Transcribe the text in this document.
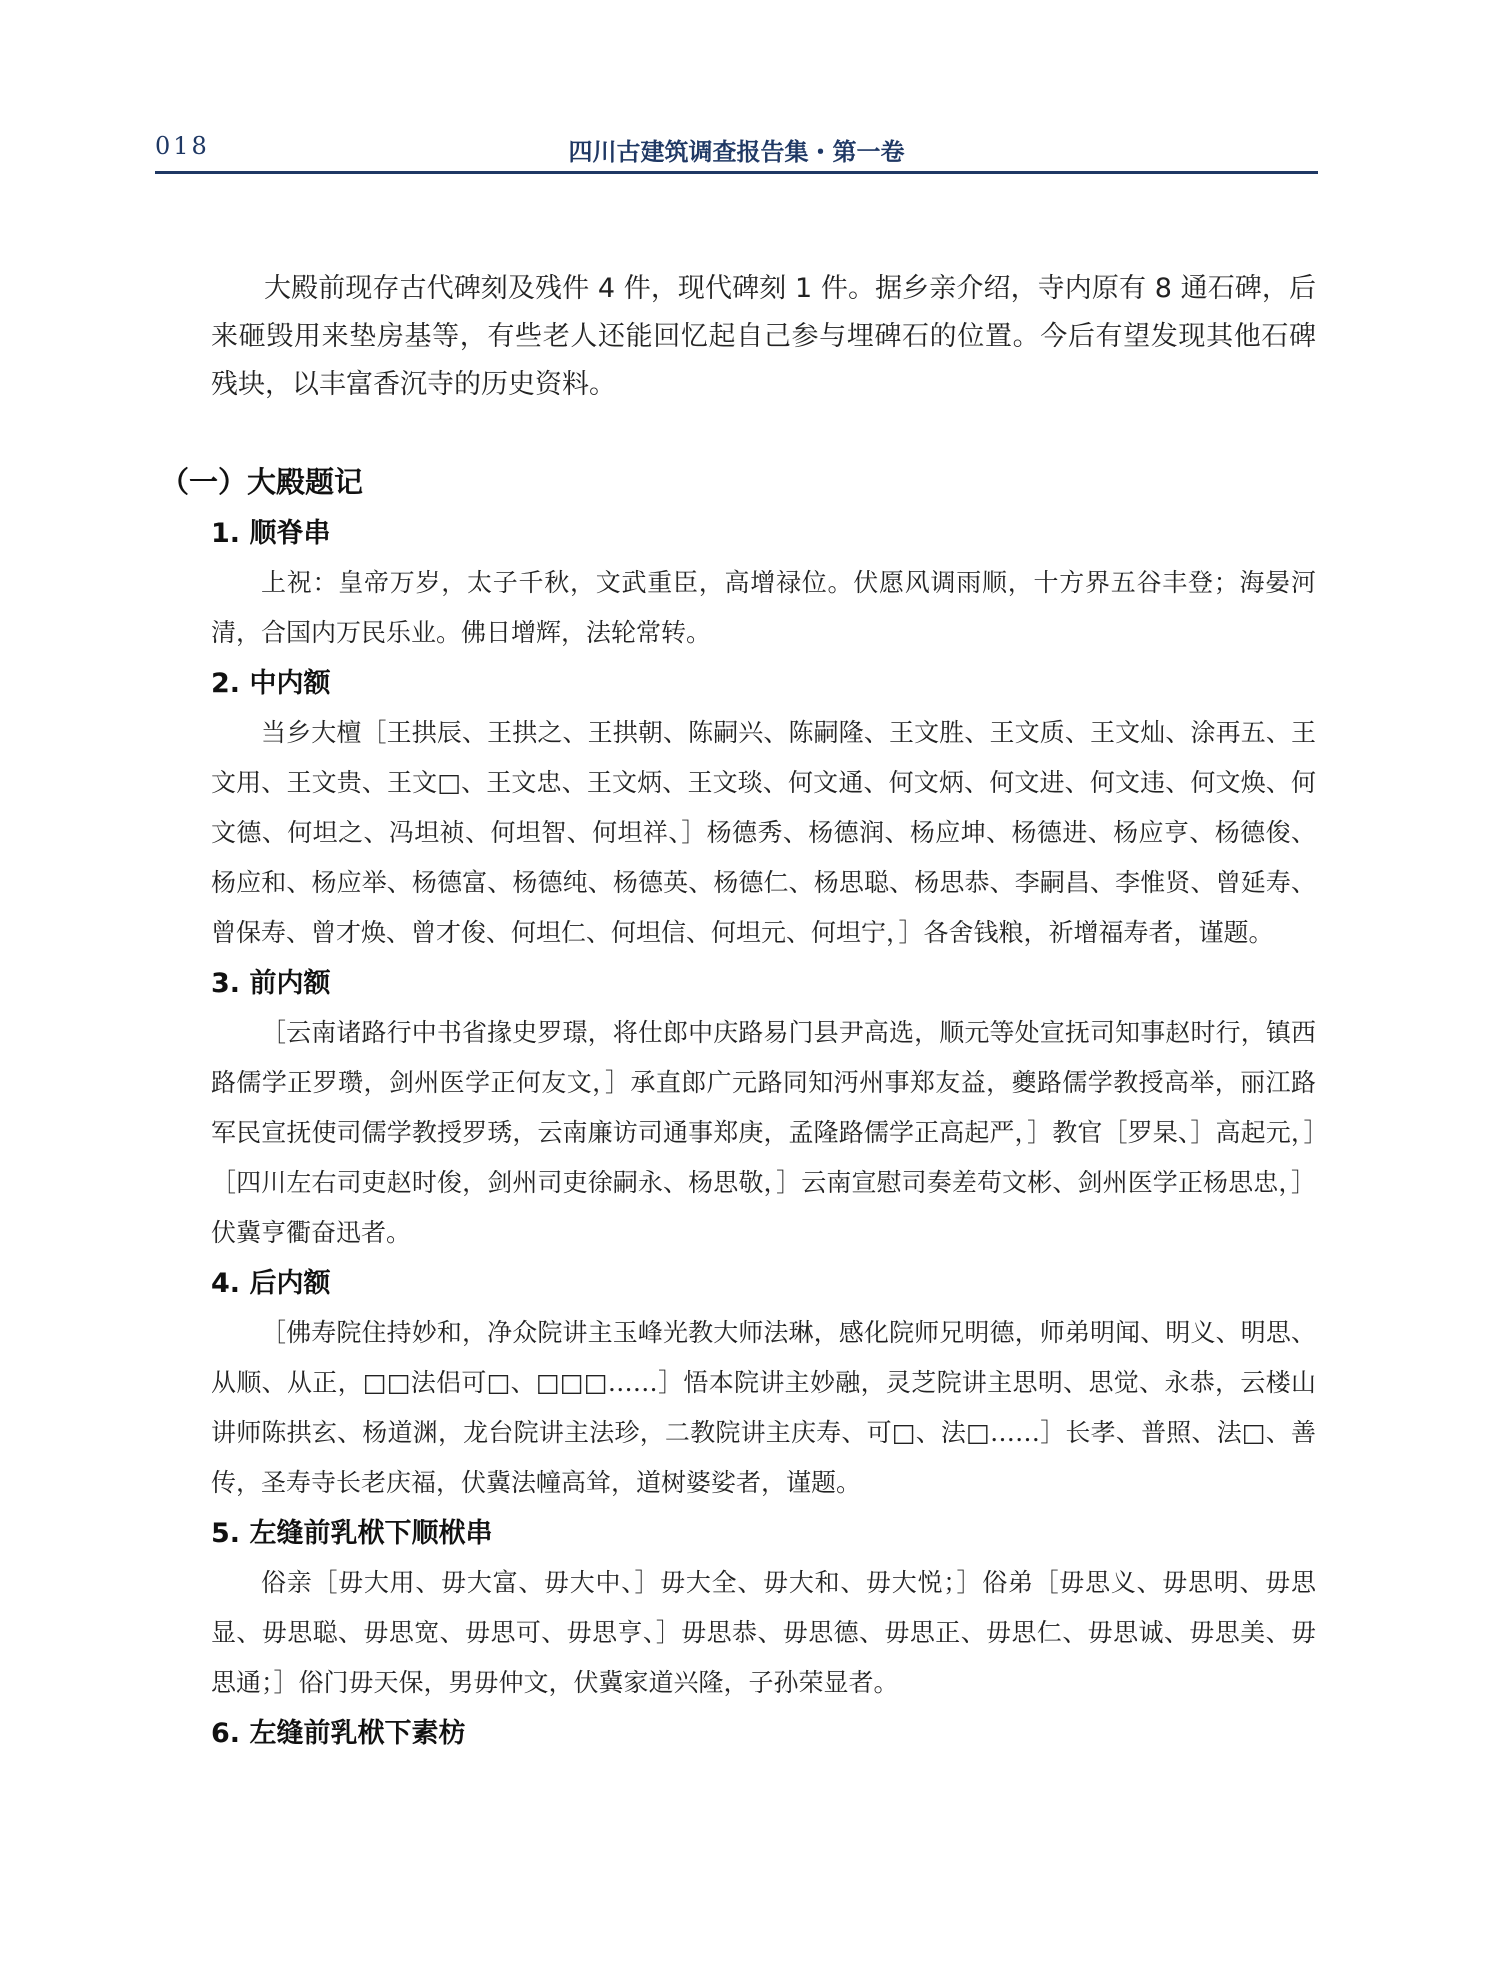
018	四川古建筑调查报告集・第一卷

大殿前现存古代碑刻及残件 4 件，现代碑刻 1 件。据乡亲介绍，寺内原有 8 通石碑，后来砸毁用来垫房基等，有些老人还能回忆起自己参与埋碑石的位置。今后有望发现其他石碑残块，以丰富香沉寺的历史资料。

（一）大殿题记
1. 顺脊串

上祝：皇帝万岁，太子千秋，文武重臣，高增禄位。伏愿风调雨顺，十方界五谷丰登；海晏河清，合国内万民乐业。佛日增辉，法轮常转。

2. 中内额

当乡大檀［王拱辰、王拱之、王拱朝、陈嗣兴、陈嗣隆、王文胜、王文质、王文灿、涂再五、王文用、王文贵、王文□、王文忠、王文炳、王文琰、何文通、何文炳、何文进、何文违、何文焕、何文德、何坦之、冯坦祯、何坦智、何坦祥、］杨德秀、杨德润、杨应坤、杨德进、杨应亨、杨德俊、杨应和、杨应举、杨德富、杨德纯、杨德英、杨德仁、杨思聪、杨思恭、李嗣昌、李惟贤、曾延寿、曾保寿、曾才焕、曾才俊、何坦仁、何坦信、何坦元、何坦宁，］各舍钱粮，祈增福寿者，谨题。

3. 前内额

［云南诸路行中书省掾史罗璟，将仕郎中庆路易门县尹高选，顺元等处宣抚司知事赵时行，镇西路儒学正罗瓒，剑州医学正何友文，］承直郎广元路同知沔州事郑友益，夔路儒学教授高举，丽江路军民宣抚使司儒学教授罗琇，云南廉访司通事郑庚，孟隆路儒学正高起严，］教官［罗杲、］高起元，］［四川左右司吏赵时俊，剑州司吏徐嗣永、杨思敬，］云南宣慰司奏差苟文彬、剑州医学正杨思忠，］伏冀亨衢奋迅者。

4. 后内额

［佛寿院住持妙和，净众院讲主玉峰光教大师法琳，感化院师兄明德，师弟明闻、明义、明思、从顺、从正，□□法侣可□、□□□……］悟本院讲主妙融，灵芝院讲主思明、思觉、永恭，云楼山讲师陈拱玄、杨道渊，龙台院讲主法珍，二教院讲主庆寿、可□、法□……］长孝、普照、法□、善传，圣寿寺长老庆福，伏冀法幢高耸，道树婆娑者，谨题。

5. 左缝前乳栿下顺栿串

俗亲［毋大用、毋大富、毋大中、］毋大全、毋大和、毋大悦；］俗弟［毋思义、毋思明、毋思显、毋思聪、毋思宽、毋思可、毋思亨、］毋思恭、毋思德、毋思正、毋思仁、毋思诚、毋思美、毋思通；］俗门毋天保，男毋仲文，伏冀家道兴隆，子孙荣显者。

6. 左缝前乳栿下素枋
